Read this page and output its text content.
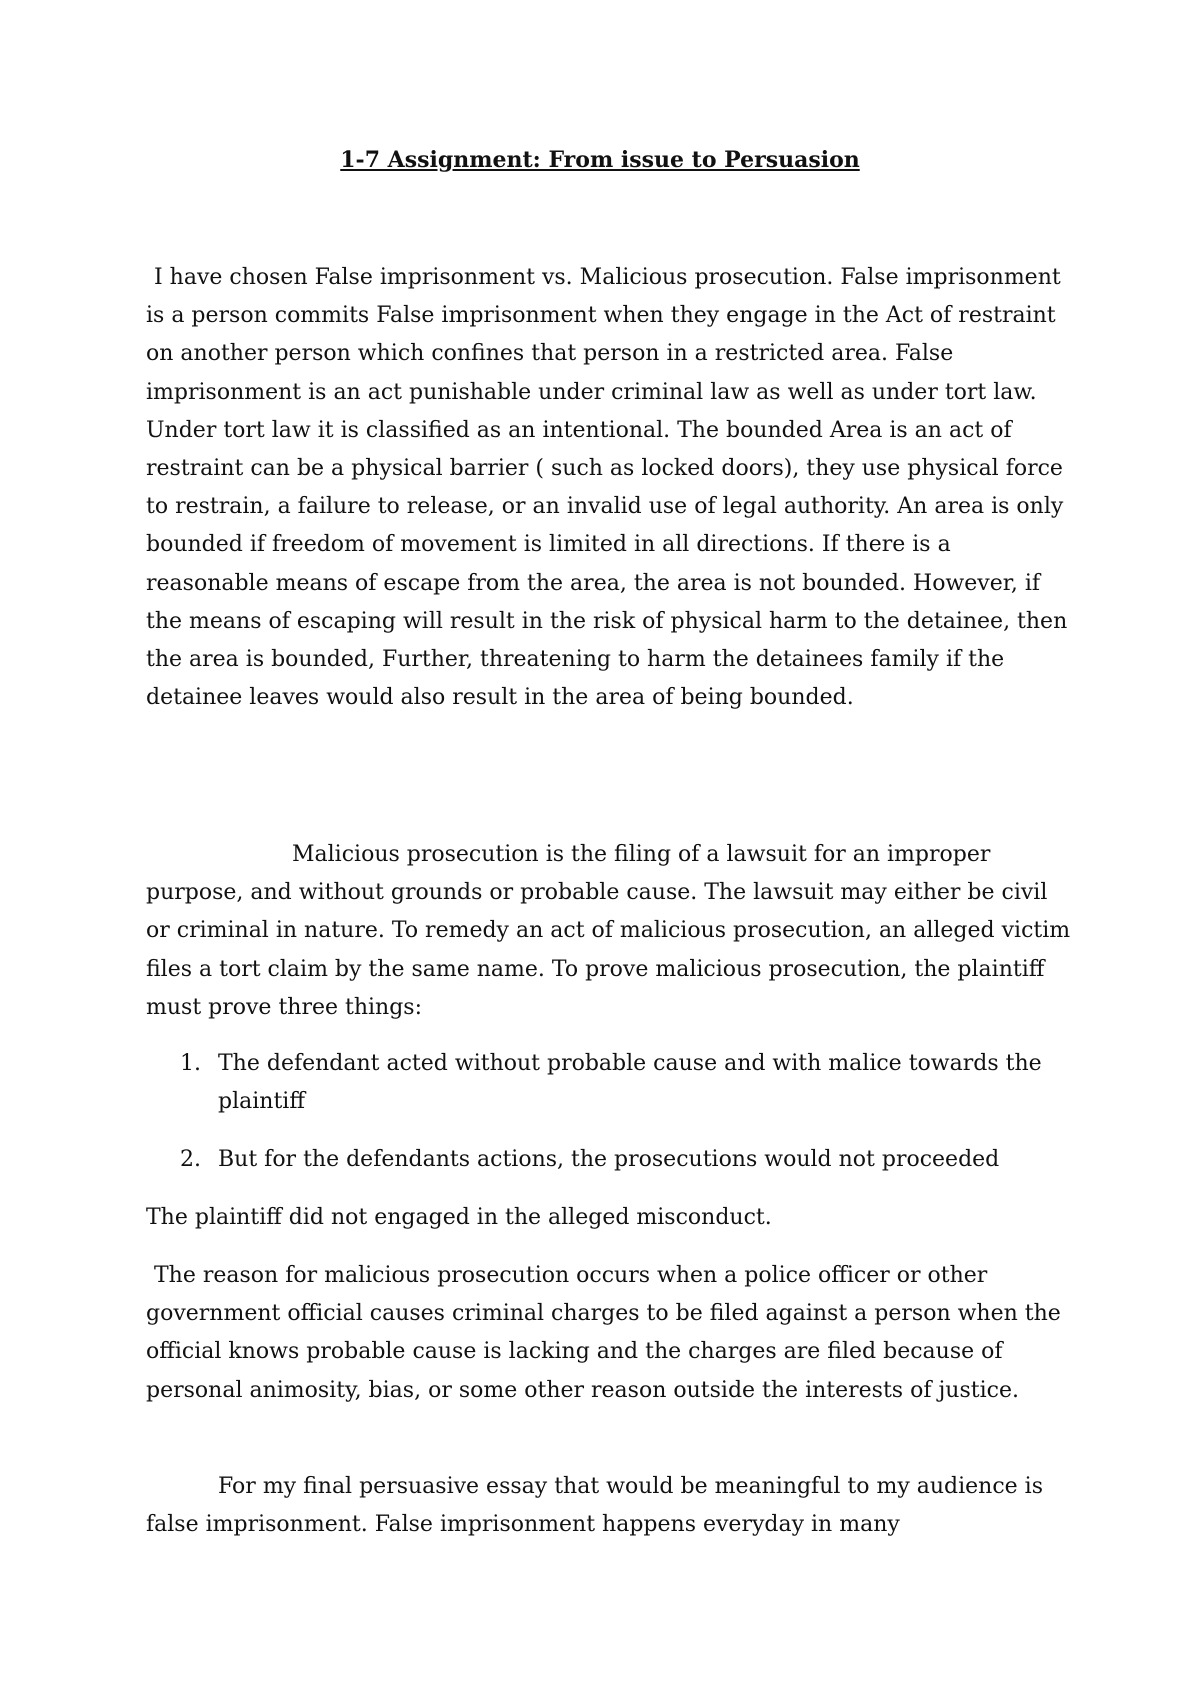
1-7 Assignment: From issue to Persuasion

I have chosen False imprisonment vs. Malicious prosecution. False imprisonment is a person commits False imprisonment when they engage in the Act of restraint on another person which confines that person in a restricted area. False imprisonment is an act punishable under criminal law as well as under tort law. Under tort law it is classified as an intentional. The bounded Area is an act of restraint can be a physical barrier ( such as locked doors), they use physical force to restrain, a failure to release, or an invalid use of legal authority. An area is only bounded if freedom of movement is limited in all directions. If there is a reasonable means of escape from the area, the area is not bounded. However, if the means of escaping will result in the risk of physical harm to the detainee, then the area is bounded, Further, threatening to harm the detainees family if the detainee leaves would also result in the area of being bounded.

Malicious prosecution is the filing of a lawsuit for an improper purpose, and without grounds or probable cause. The lawsuit may either be civil or criminal in nature. To remedy an act of malicious prosecution, an alleged victim files a tort claim by the same name. To prove malicious prosecution, the plaintiff must prove three things:

1. The defendant acted without probable cause and with malice towards the plaintiff
2. But for the defendants actions, the prosecutions would not proceeded

The plaintiff did not engaged in the alleged misconduct.

The reason for malicious prosecution occurs when a police officer or other government official causes criminal charges to be filed against a person when the official knows probable cause is lacking and the charges are filed because of personal animosity, bias, or some other reason outside the interests of justice.

For my final persuasive essay that would be meaningful to my audience is false imprisonment. False imprisonment happens everyday in many
